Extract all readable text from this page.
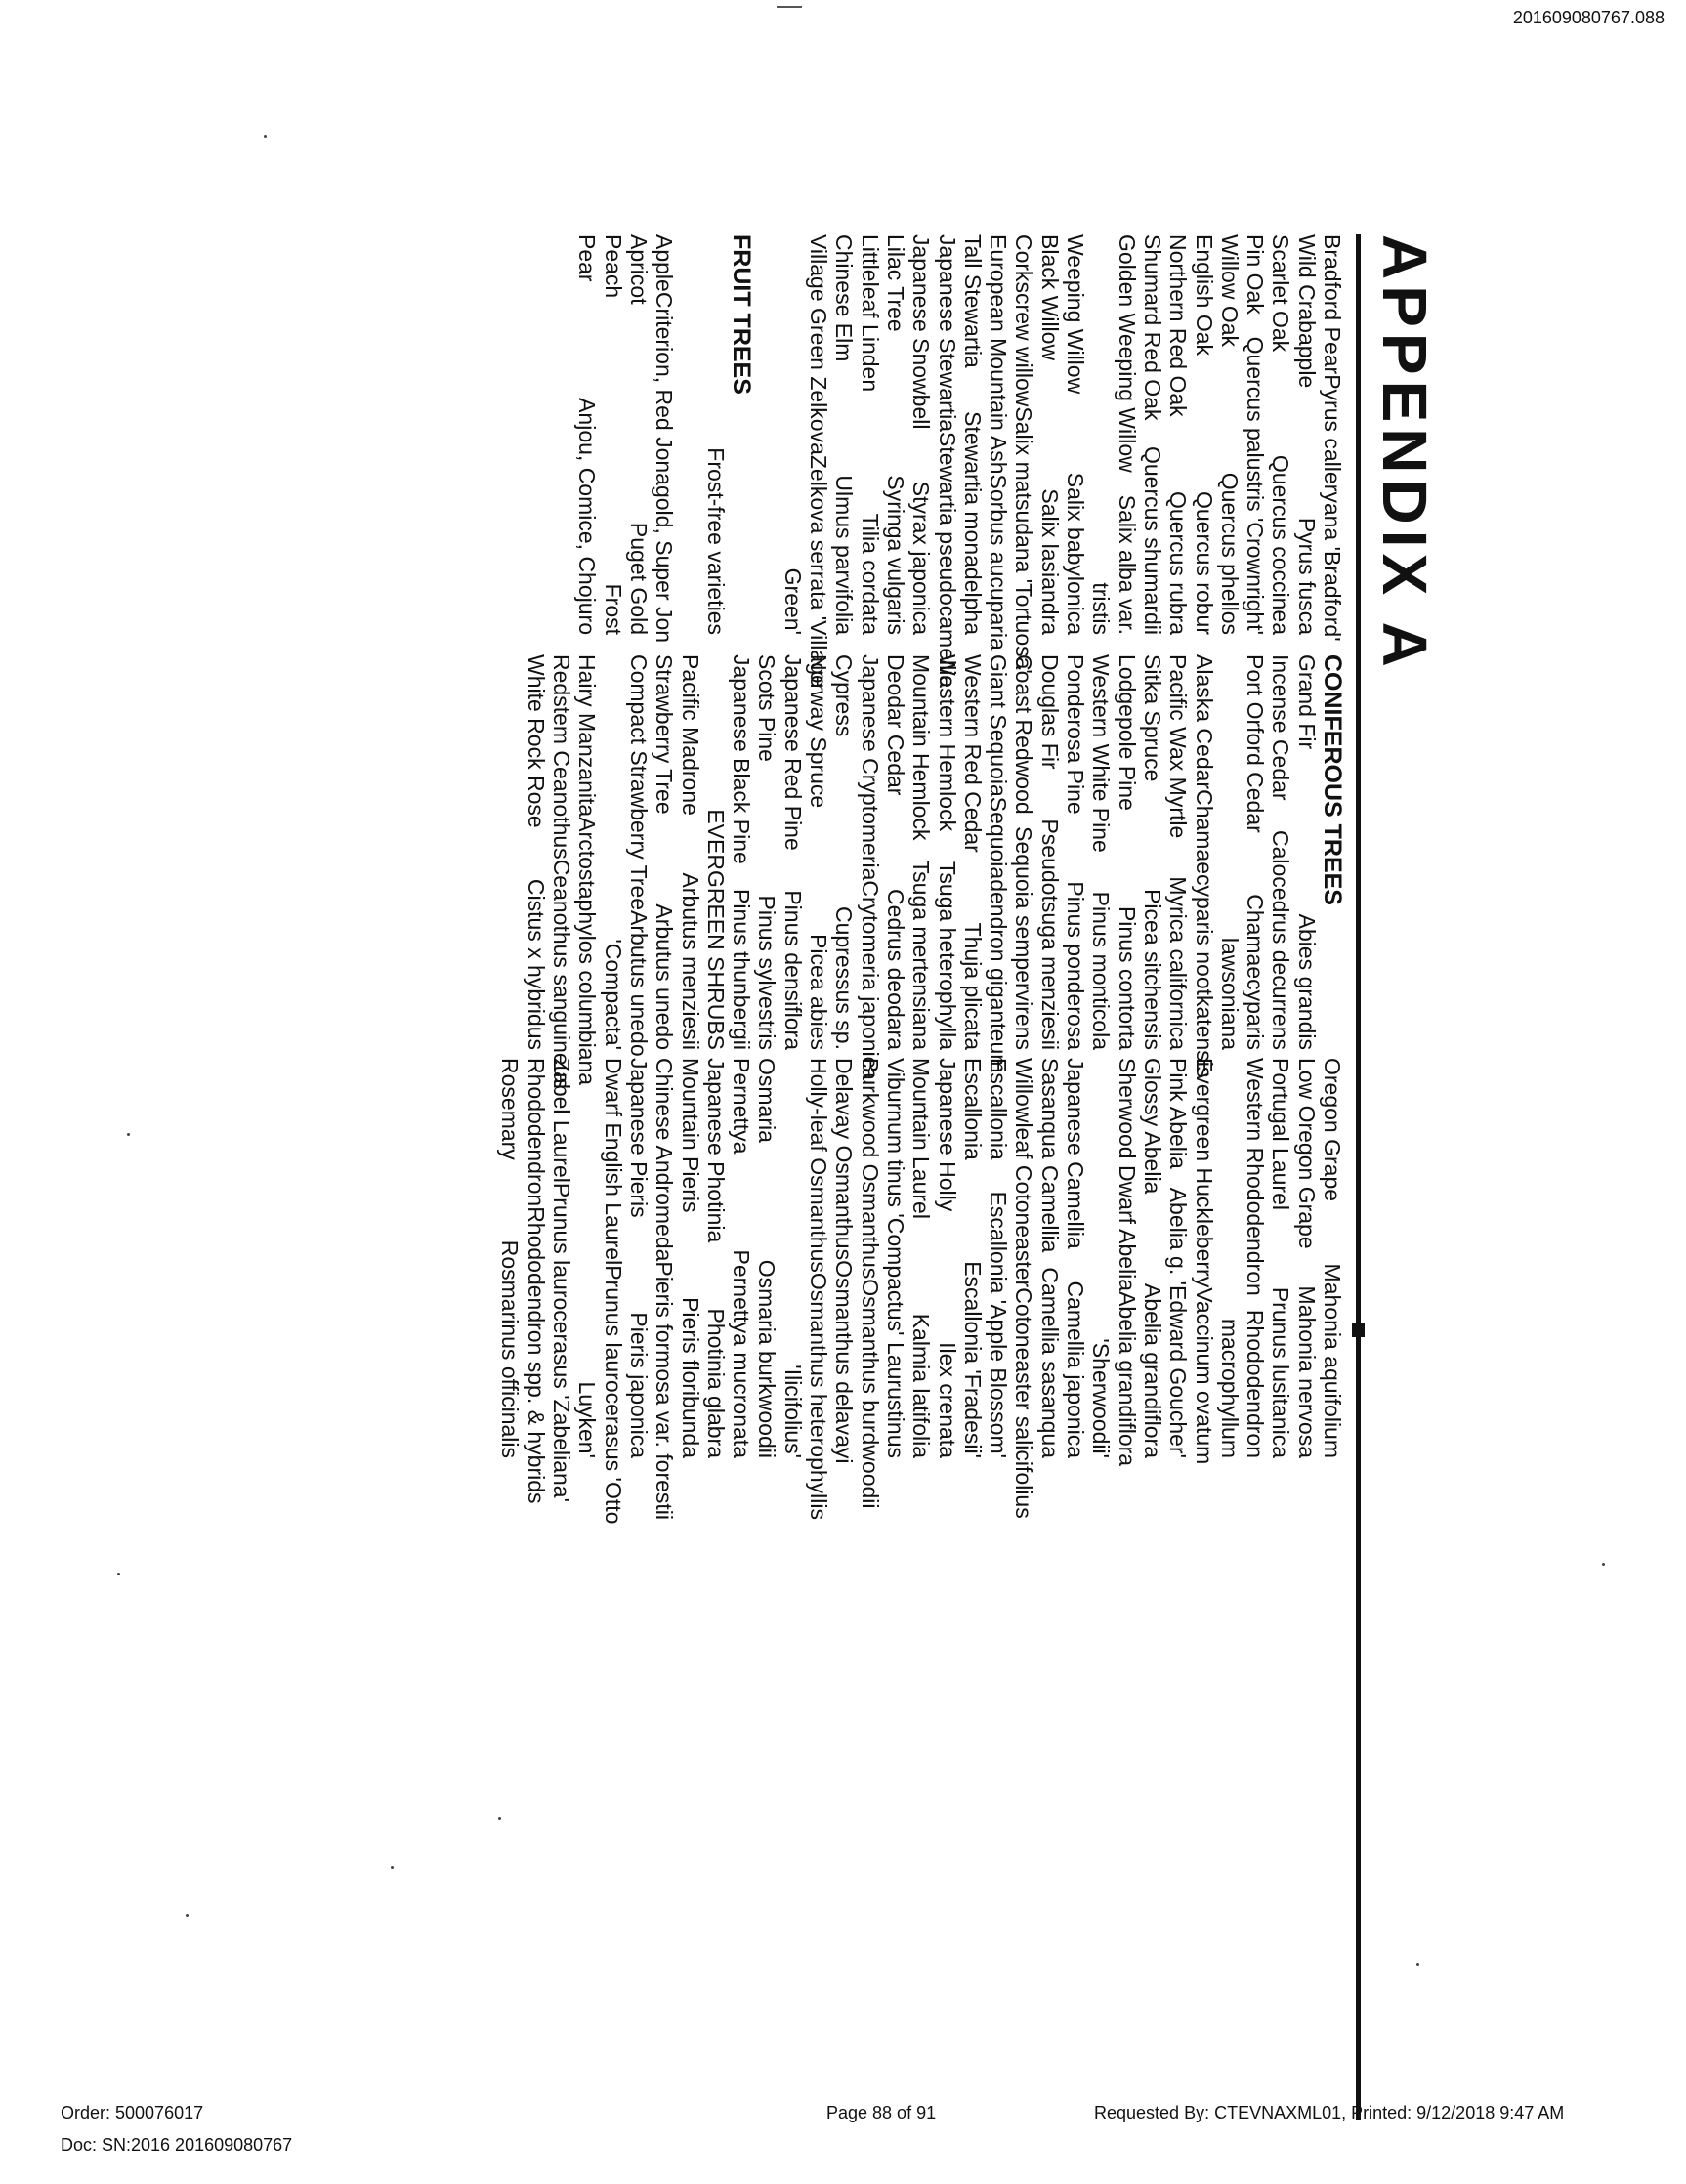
201609080767.088
APPENDIX A
Bradford Pear
Pyrus calleryana 'Bradford'
Wild Crabapple
Pyrus fusca
Scarlet Oak
Quercus coccinea
Pin Oak
Quercus palustris 'Crownright'
Willow Oak
Quercus phellos
English Oak
Quercus robur
Northern Red Oak
Quercus rubra
Shumard Red Oak
Quercus shumardii
Golden Weeping Willow
Salix alba var.
tristis
Weeping Willow
Salix babylonica
Black Willow
Salix lasiandra
Corkscrew willow
Salix matsudana 'Tortuosa'
European Mountain Ash
Sorbus aucuparia
Tall Stewartia
Stewartia monadelpha
Japanese Stewartia
Stewartia pseudocamellia
Japanese Snowbell
Styrax japonica
Lilac Tree
Syringa vulgaris
Littleleaf Linden
Tilia cordata
Chinese Elm
Ulmus parvifolia
Village Green Zelkova
Zelkova serrata 'Village
Green'
FRUIT TREES
Frost-free varieties
Apple
Criterion, Red Jonagold, Super Jon
Apricot
Puget Gold
Peach
Frost
Pear
Anjou, Comice, Chojuro
CONIFEROUS TREES
Grand Fir
Abies grandis
Incense Cedar
Calocedrus decurrens
Port Orford Cedar
Chamaecyparis
lawsoniana
Alaska Cedar
Chamaecyparis nootkatensis
Pacific Wax Myrtle
Myrica californica
Sitka Spruce
Picea sitchensis
Lodgepole Pine
Pinus contorta
Western White Pine
Pinus monticola
Ponderosa Pine
Pinus ponderosa
Douglas Fir
Pseudotsuga menziesii
Coast Redwood
Sequoia sempervirens
Giant Sequoia
Sequoiadendron giganteum
Western Red Cedar
Thuja plicata
Western Hemlock
Tsuga heterophylla
Mountain Hemlock
Tsuga mertensiana
Deodar Cedar
Cedrus deodara
Japanese Cryptomeria
Crytomeria japonica
Cypress
Cupressus sp.
Norway Spruce
Picea abies
Japanese Red Pine
Pinus densiflora
Scots Pine
Pinus sylvestris
Japanese Black Pine
Pinus thunbergii
EVERGREEN SHRUBS
Pacific Madrone
Arbutus menziesii
Strawberry Tree
Arbutus unedo
Compact Strawberry Tree
Arbutus unedo
'Compacta'
Hairy Manzanita
Arctostaphylos columbiana
Redstem Ceanothus
Ceanothus sanguineus
White Rock Rose
Cistus x hybridus
Oregon Grape
Mahonia aquifolium
Low Oregon Grape
Mahonia nervosa
Portugal Laurel
Prunus lusitanica
Western Rhododendron
Rhododendron
macrophyllum
Evergreen Huckleberry
Vaccinum ovatum
Pink Abelia
Abelia g. 'Edward Goucher'
Glossy Abelia
Abelia grandiflora
Sherwood Dwarf Abelia
Abelia grandiflora
'Sherwoodii'
Japanese Camellia
Camellia japonica
Sasanqua Camellia
Camellia sasanqua
Willowleaf Cotoneaster
Cotoneaster salicifolius
Escallonia
Escallonia 'Apple Blossom'
Escallonia
Escallonia 'Fradesii'
Japanese Holly
Ilex crenata
Mountain Laurel
Kalmia latifolia
Viburnum tinus 'Compactus'
Laurustinus
Burkwood Osmanthus
Osmanthus burdwoodii
Delavay Osmanthus
Osmanthus delavayi
Holly-leaf Osmanthus
Osmanthus heterophyllis
'Ilicifolius'
Osmaria
Osmaria burkwoodii
Pernettya
Pernettya mucronata
Japanese Photinia
Photinia glabra
Mountain Pieris
Pieris floribunda
Chinese Andromeda
Pieris formosa var. forestii
Japanese Pieris
Pieris japonica
Dwarf English Laurel
Prunus laurocerasus 'Otto
Luyken'
Zabel Laurel
Prunus laurocerasus 'Zabeliana'
Rhododendron
Rhododendron spp. & hybrids
Rosemary
Rosmarinus officinalis
Order: 500076017
Doc: SN:2016 201609080767
Page 88 of 91	Requested By: CTEVNAXML01, Printed: 9/12/2018 9:47 AM
